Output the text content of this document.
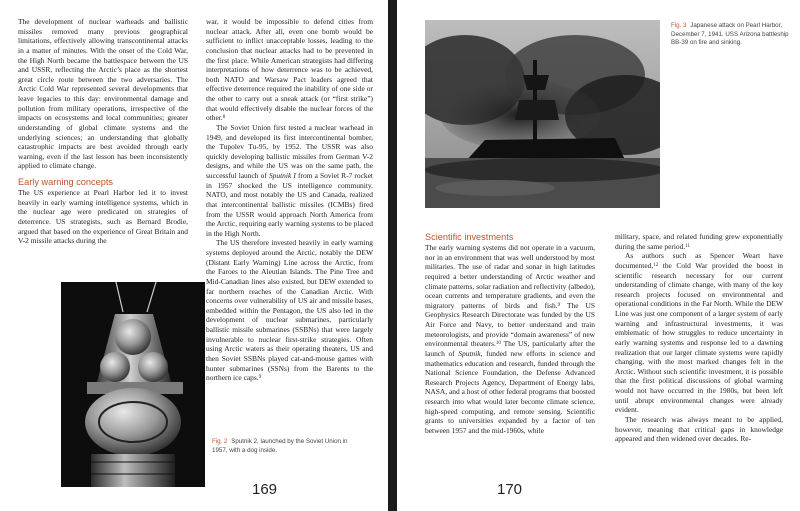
The development of nuclear warheads and ballistic missiles removed many previous geographical limitations, effectively allowing transcontinental attacks in a matter of minutes. With the onset of the Cold War, the High North became the battlespace between the US and USSR, reflecting the Arctic’s place as the shortest great circle route between the two adversaries. The Arctic Cold War represented several developments that leave legacies to this day: environmental damage and pollution from military operations, irrespective of the impacts on ecosystems and local communities; greater understanding of global climate systems and the underlying sciences; an understanding that globally catastrophic impacts are best avoided through early warning, even if the last lesson has been inconsistently applied to climate change.

Early warning concepts

The US experience at Pearl Harbor led it to invest heavily in early warning intelligence systems, which in the nuclear age were predicated on strategies of deterrence. US strategists, such as Bernard Brodie, argued that based on the experience of Great Britain and V-2 missile attacks during the

war, it would be impossible to defend cities from nuclear attack. After all, even one bomb would be sufficient to inflict unacceptable losses, leading to the conclusion that nuclear attacks had to be prevented in the first place. While American strategists had differing interpretations of how deterrence was to be achieved, both NATO and Warsaw Pact leaders agreed that effective deterrence required the inability of one side or the other to carry out a sneak attack (or “first strike”) that would effectively disable the nuclear forces of the other.$^8$

The Soviet Union first tested a nuclear warhead in 1949, and developed its first intercontinental bomber, the Tupolev Tu-95, by 1952. The USSR was also quickly developing ballistic missiles from German V-2 designs, and while the US was on the same path, the successful launch of Sputnik I from a Soviet R-7 rocket in 1957 shocked the US intelligence community. NATO, and most notably the US and Canada, realized that intercontinental ballistic missiles (ICMBs) fired from the USSR would approach North America from the Arctic, requiring early warning systems to be placed in the High North.

The US therefore invested heavily in early warning systems deployed around the Arctic, notably the DEW (Distant Early Warning) Line across the Arctic, from the Faroes to the Aleutian Islands. The Pine Tree and Mid-Canadian lines also existed, but DEW extended to far northern reaches of the Canadian Arctic. With concerns over vulnerability of US air and missile bases, embedded within the Pentagon, the US also led in the development of nuclear submarines, particularly ballistic missile submarines (SSBNs) that were largely invulnerable to nuclear first-strike strategies. Often using Arctic waters as their operating theaters, US and then Soviet SSBNs played cat-and-mouse games with hunter submarines (SSNs) from the Barents to the northern ice caps.$^9$

Fig. 2 Sputnik 2, launched by the Soviet Union in 1957, with a dog inside.
169
Fig. 3 Japanese attack on Pearl Harbor, December 7, 1941. USS Arizona battleship BB-39 on fire and sinking.
Scientific investments

The early warning systems did not operate in a vacuum, nor in an environment that was well understood by most militaries. The use of radar and sonar in high latitudes required a better understanding of Arctic weather and climate patterns, solar radiation and reflectivity (albedo), ocean currents and temperature gradients, and even the migratory patterns of birds and fish.$^9$ The US Geophysics Research Directorate was funded by the US Air Force and Navy, to better understand and train meteorologists, and provide “domain awareness” of new environmental theaters.$^{10}$ The US, particularly after the launch of Sputnik, funded new efforts in science and mathematics education and research, funded through the National Science Foundation, the Defense Advanced Research Projects Agency, Department of Energy labs, NASA, and a host of other federal programs that boosted research into what would later become climate science, high-speed computing, and remote sensing. Scientific grants to universities expanded by a factor of ten between 1957 and the mid-1960s, while

military, space, and related funding grew exponentially during the same period.$^{11}$

As authors such as Spencer Weart have documented,$^{12}$ the Cold War provided the boost in scientific research necessary for our current understanding of climate change, with many of the key research projects focused on environmental and operational conditions in the Far North. While the DEW Line was just one component of a larger system of early warning and infrastructural investments, it was emblematic of how struggles to reduce uncertainty in early warning systems and response led to a dawning realization that our larger climate systems were rapidly changing, with the most marked changes felt in the Arctic. Without such scientific investment, it is possible that the first political discussions of global warming would not have occurred in the 1980s, but been left until abrupt environmental changes were already evident.

The research was always meant to be applied, however, meaning that critical gaps in knowledge appeared and then widened over decades. Re-

170
